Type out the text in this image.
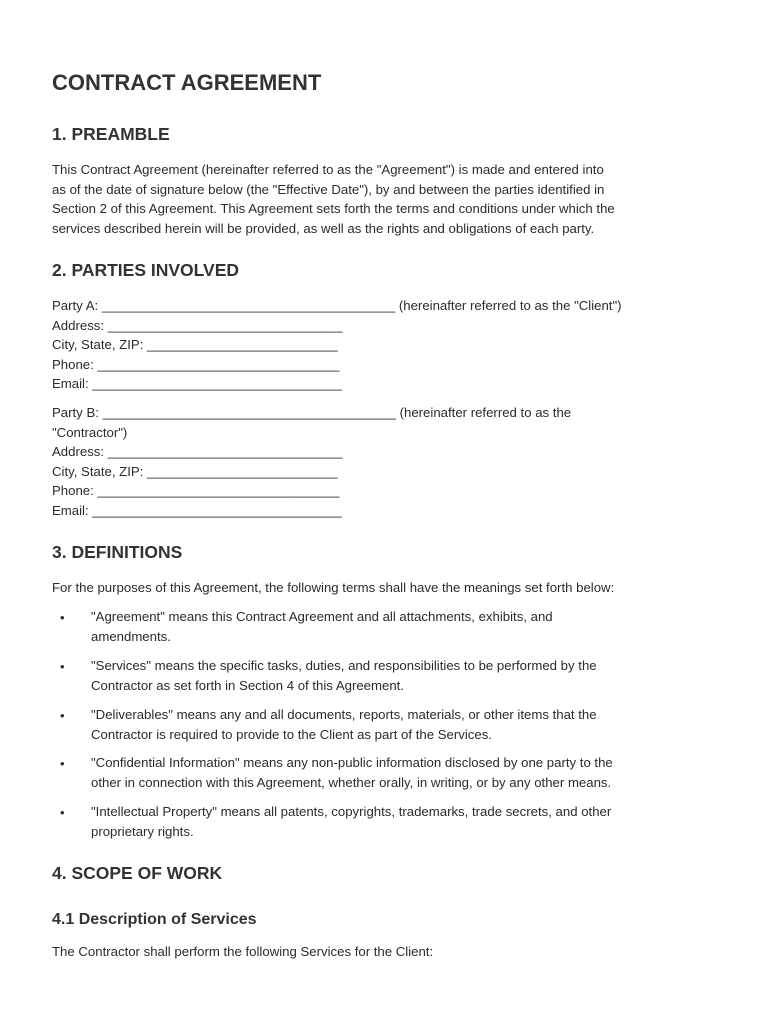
CONTRACT AGREEMENT
1. PREAMBLE
This Contract Agreement (hereinafter referred to as the "Agreement") is made and entered into
as of the date of signature below (the "Effective Date"), by and between the parties identified in
Section 2 of this Agreement. This Agreement sets forth the terms and conditions under which the
services described herein will be provided, as well as the rights and obligations of each party.
2. PARTIES INVOLVED
Party A: ________________________________________ (hereinafter referred to as the "Client")
Address: ________________________________
City, State, ZIP: __________________________
Phone: _________________________________
Email: __________________________________
Party B: ________________________________________ (hereinafter referred to as the
"Contractor")
Address: ________________________________
City, State, ZIP: __________________________
Phone: _________________________________
Email: __________________________________
3. DEFINITIONS
For the purposes of this Agreement, the following terms shall have the meanings set forth below:
• "Agreement" means this Contract Agreement and all attachments, exhibits, and
amendments.
• "Services" means the specific tasks, duties, and responsibilities to be performed by the
Contractor as set forth in Section 4 of this Agreement.
• "Deliverables" means any and all documents, reports, materials, or other items that the
Contractor is required to provide to the Client as part of the Services.
• "Confidential Information" means any non-public information disclosed by one party to the
other in connection with this Agreement, whether orally, in writing, or by any other means.
• "Intellectual Property" means all patents, copyrights, trademarks, trade secrets, and other
proprietary rights.
4. SCOPE OF WORK
4.1 Description of Services
The Contractor shall perform the following Services for the Client:
